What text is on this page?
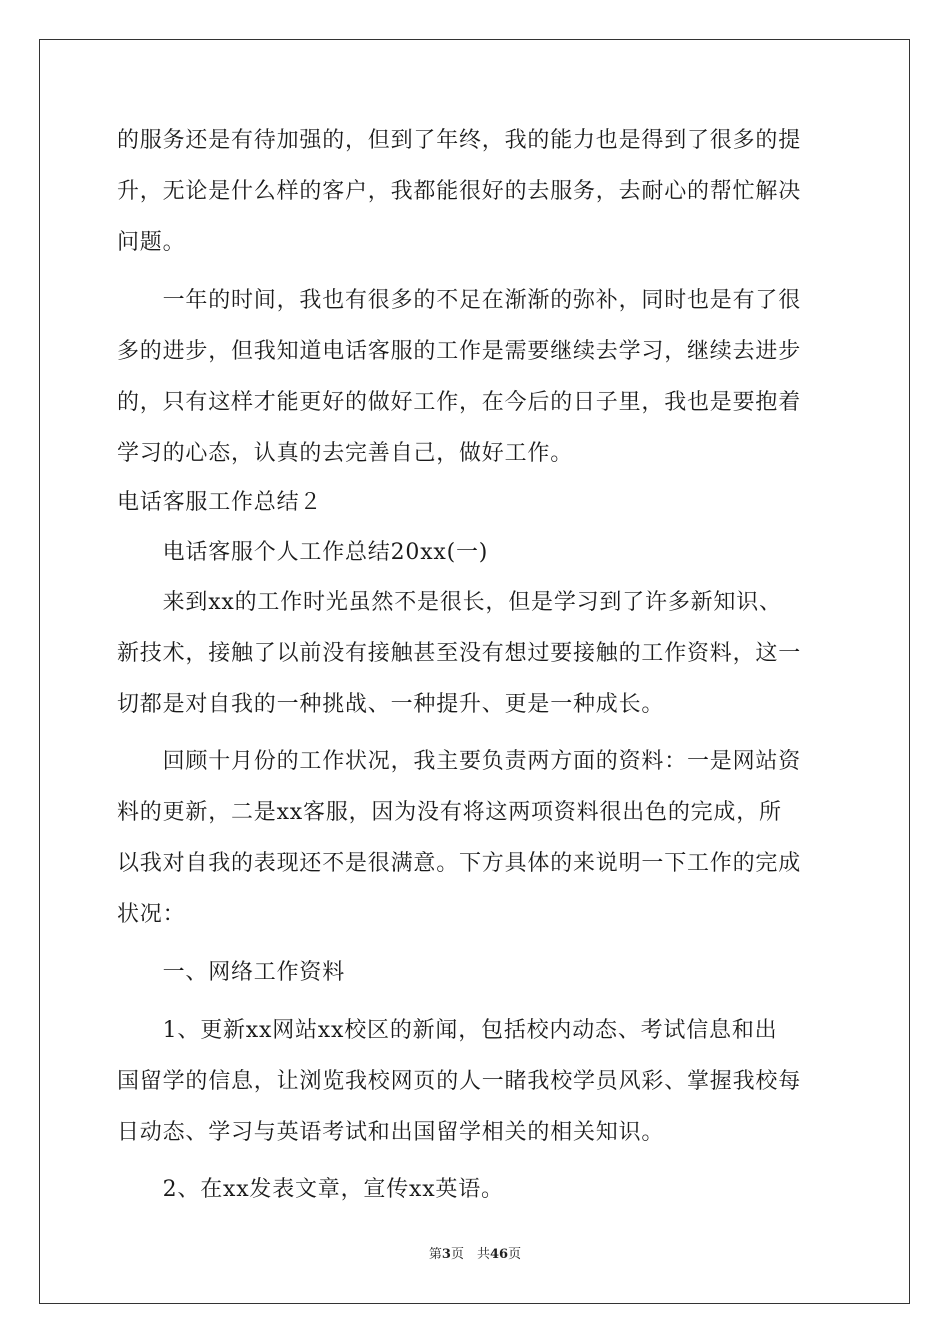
的服务还是有待加强的，但到了年终，我的能力也是得到了很多的提
升，无论是什么样的客户，我都能很好的去服务，去耐心的帮忙解决
问题。
　　一年的时间，我也有很多的不足在渐渐的弥补，同时也是有了很
多的进步，但我知道电话客服的工作是需要继续去学习，继续去进步
的，只有这样才能更好的做好工作，在今后的日子里，我也是要抱着
学习的心态，认真的去完善自己，做好工作。
电话客服工作总结２
　　电话客服个人工作总结20xx(一)
　　来到xx的工作时光虽然不是很长，但是学习到了许多新知识、
新技术，接触了以前没有接触甚至没有想过要接触的工作资料，这一
切都是对自我的一种挑战、一种提升、更是一种成长。
　　回顾十月份的工作状况，我主要负责两方面的资料：一是网站资
料的更新，二是xx客服，因为没有将这两项资料很出色的完成，所
以我对自我的表现还不是很满意。下方具体的来说明一下工作的完成
状况：
　　一、网络工作资料
　　1、更新xx网站xx校区的新闻，包括校内动态、考试信息和出
国留学的信息，让浏览我校网页的人一睹我校学员风彩、掌握我校每
日动态、学习与英语考试和出国留学相关的相关知识。
　　2、在xx发表文章，宣传xx英语。
第3页　共46页
